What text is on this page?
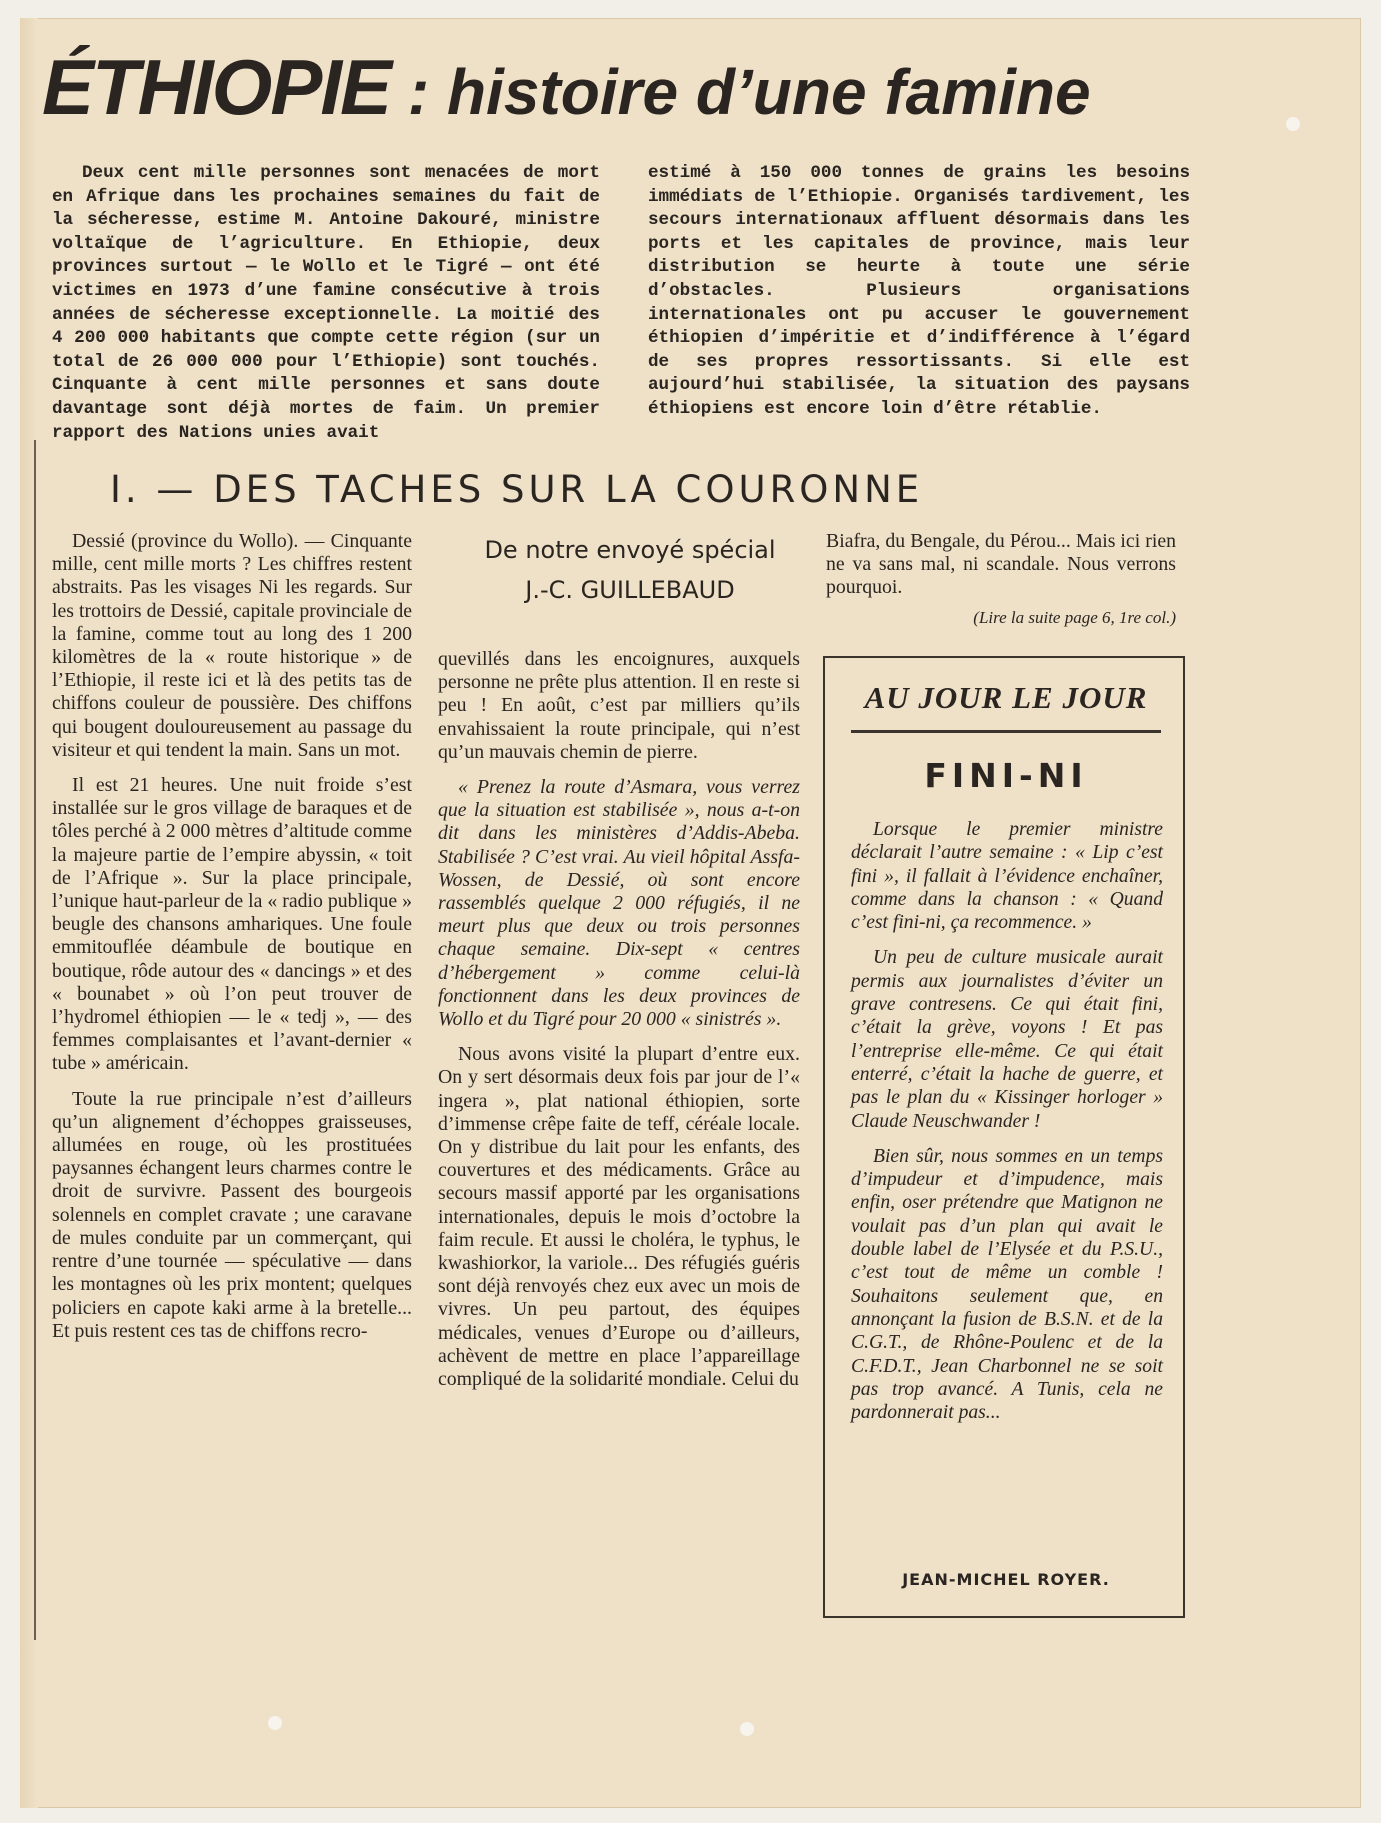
ÉTHIOPIE : histoire d’une famine

Deux cent mille personnes sont menacées de mort en Afrique dans les prochaines semaines du fait de la sécheresse, estime M. Antoine Dakouré, ministre voltaïque de l’agriculture. En Ethiopie, deux provinces surtout — le Wollo et le Tigré — ont été victimes en 1973 d’une famine consécutive à trois années de sécheresse exceptionnelle. La moitié des 4 200 000 habitants que compte cette région (sur un total de 26 000 000 pour l’Ethiopie) sont touchés. Cinquante à cent mille personnes et sans doute davantage sont déjà mortes de faim. Un premier rapport des Nations unies avait

estimé à 150 000 tonnes de grains les besoins immédiats de l’Ethiopie. Organisés tardivement, les secours internationaux affluent désormais dans les ports et les capitales de province, mais leur distribution se heurte à toute une série d’obstacles. Plusieurs organisations internationales ont pu accuser le gouvernement éthiopien d’impéritie et d’indifférence à l’égard de ses propres ressortissants. Si elle est aujourd’hui stabilisée, la situation des paysans éthiopiens est encore loin d’être rétablie.

I. — DES TACHES SUR LA COURONNE

Dessié (province du Wollo). — Cinquante mille, cent mille morts ? Les chiffres restent abstraits. Pas les visages Ni les regards. Sur les trottoirs de Dessié, capitale provinciale de la famine, comme tout au long des 1 200 kilomètres de la « route historique » de l’Ethiopie, il reste ici et là des petits tas de chiffons couleur de poussière. Des chiffons qui bougent douloureusement au passage du visiteur et qui tendent la main. Sans un mot.

Il est 21 heures. Une nuit froide s’est installée sur le gros village de baraques et de tôles perché à 2 000 mètres d’altitude comme la majeure partie de l’empire abyssin, « toit de l’Afrique ». Sur la place principale, l’unique haut-parleur de la « radio publique » beugle des chansons amhariques. Une foule emmitouflée déambule de boutique en boutique, rôde autour des « dancings » et des « bounabet » où l’on peut trouver de l’hydromel éthiopien — le « tedj », — des femmes complaisantes et l’avant-dernier « tube » américain.

Toute la rue principale n’est d’ailleurs qu’un alignement d’échoppes graisseuses, allumées en rouge, où les prostituées paysannes échangent leurs charmes contre le droit de survivre. Passent des bourgeois solennels en complet cravate ; une caravane de mules conduite par un commerçant, qui rentre d’une tournée — spéculative — dans les montagnes où les prix montent; quelques policiers en capote kaki arme à la bretelle... Et puis restent ces tas de chiffons recro-

De notre envoyé spécial
J.-C. GUILLEBAUD

quevillés dans les encoignures, auxquels personne ne prête plus attention. Il en reste si peu ! En août, c’est par milliers qu’ils envahissaient la route principale, qui n’est qu’un mauvais chemin de pierre.

« Prenez la route d’Asmara, vous verrez que la situation est stabilisée », nous a-t-on dit dans les ministères d’Addis-Abeba. Stabilisée ? C’est vrai. Au vieil hôpital Assfa-Wossen, de Dessié, où sont encore rassemblés quelque 2 000 réfugiés, il ne meurt plus que deux ou trois personnes chaque semaine. Dix-sept « centres d’hébergement » comme celui-là fonctionnent dans les deux provinces de Wollo et du Tigré pour 20 000 « sinistrés ».

Nous avons visité la plupart d’entre eux. On y sert désormais deux fois par jour de l’« ingera », plat national éthiopien, sorte d’immense crêpe faite de teff, céréale locale. On y distribue du lait pour les enfants, des couvertures et des médicaments. Grâce au secours massif apporté par les organisations internationales, depuis le mois d’octobre la faim recule. Et aussi le choléra, le typhus, le kwashiorkor, la variole... Des réfugiés guéris sont déjà renvoyés chez eux avec un mois de vivres. Un peu partout, des équipes médicales, venues d’Europe ou d’ailleurs, achèvent de mettre en place l’appareillage compliqué de la solidarité mondiale. Celui du

Biafra, du Bengale, du Pérou... Mais ici rien ne va sans mal, ni scandale. Nous verrons pourquoi.

(Lire la suite page 6, 1re col.)
AU JOUR LE JOUR
FINI-NI

Lorsque le premier ministre déclarait l’autre semaine : « Lip c’est fini », il fallait à l’évidence enchaîner, comme dans la chanson : « Quand c’est fini-ni, ça recommence. »

Un peu de culture musicale aurait permis aux journalistes d’éviter un grave contresens. Ce qui était fini, c’était la grève, voyons ! Et pas l’entreprise elle-même. Ce qui était enterré, c’était la hache de guerre, et pas le plan du « Kissinger horloger » Claude Neuschwander !

Bien sûr, nous sommes en un temps d’impudeur et d’impudence, mais enfin, oser prétendre que Matignon ne voulait pas d’un plan qui avait le double label de l’Elysée et du P.S.U., c’est tout de même un comble ! Souhaitons seulement que, en annonçant la fusion de B.S.N. et de la C.G.T., de Rhône-Poulenc et de la C.F.D.T., Jean Charbonnel ne se soit pas trop avancé. A Tunis, cela ne pardonnerait pas...

JEAN-MICHEL ROYER.
